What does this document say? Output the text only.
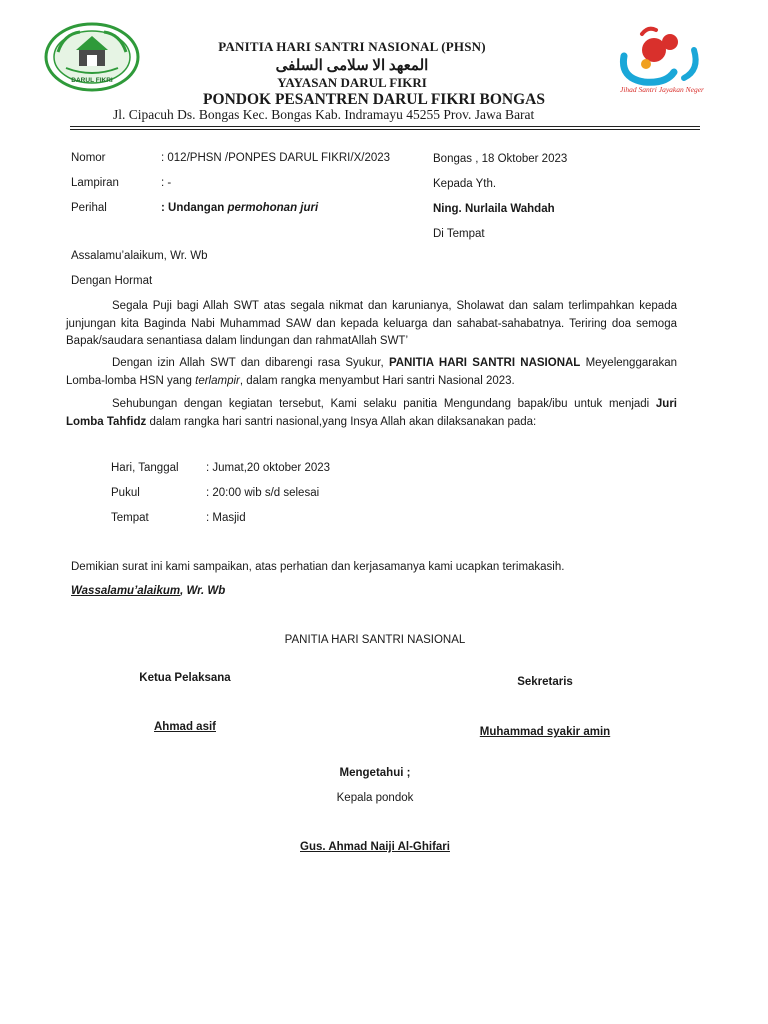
DARUL FIKRI
Jihad Santri Jayakan Negeri
PANITIA HARI SANTRI NASIONAL (PHSN)
المعهد الا سلامى السلفى
YAYASAN DARUL FIKRI
PONDOK PESANTREN DARUL FIKRI BONGAS
Jl. Cipacuh Ds. Bongas Kec. Bongas Kab. Indramayu 45255 Prov. Jawa Barat
Nomor	: 012/PHSN /PONPES DARUL FIKRI/X/2023
Lampiran	: -
Perihal	: Undangan permohonan juri
Bongas , 18 Oktober 2023
Kepada Yth.
Ning. Nurlaila Wahdah
Di Tempat
Assalamu’alaikum, Wr. Wb
Dengan Hormat
Segala Puji bagi Allah SWT atas segala nikmat dan karunianya, Sholawat dan salam terlimpahkan kepada junjungan kita Baginda Nabi Muhammad SAW dan kepada keluarga dan sahabat-sahabatnya. Teriring doa semoga Bapak/saudara senantiasa dalam lindungan dan rahmatAllah SWT’
Dengan izin Allah SWT dan dibarengi rasa Syukur, PANITIA HARI SANTRI NASIONAL Meyelenggarakan Lomba-lomba HSN yang terlampir, dalam rangka menyambut Hari santri Nasional 2023.
Sehubungan dengan kegiatan tersebut, Kami selaku panitia Mengundang bapak/ibu untuk menjadi Juri Lomba Tahfidz dalam rangka hari santri nasional,yang Insya Allah akan dilaksanakan pada:
Hari, Tanggal : Jumat,20 oktober 2023
Pukul	: 20:00 wib s/d selesai
Tempat	: Masjid
Demikian surat ini kami sampaikan, atas perhatian dan kerjasamanya kami ucapkan terimakasih.
Wassalamu’alaikum, Wr. Wb
PANITIA HARI SANTRI NASIONAL
Ketua Pelaksana
Ahmad asif
Sekretaris
Muhammad syakir amin
Mengetahui ;
Kepala pondok
Gus. Ahmad Naiji Al-Ghifari
